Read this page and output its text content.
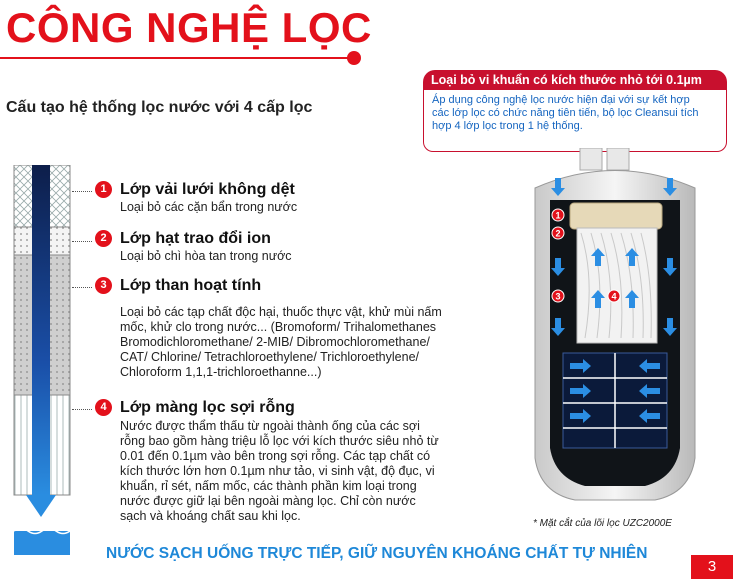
CÔNG NGHỆ LỌC
Cấu tạo hệ thống lọc nước với 4 cấp lọc
Loại bỏ vi khuẩn có kích thước nhỏ tới 0.1µm
Áp dụng công nghệ lọc nước hiện đại với sự kết hợp
các lớp lọc có chức năng tiên tiến, bộ lọc Cleansui tích
hợp 4 lớp lọc trong 1 hệ thống.
1 Lớp vải lưới không dệt
Loại bỏ các cặn bẩn trong nước
2 Lớp hạt trao đổi ion
Loại bỏ chì hòa tan trong nước
3 Lớp than hoạt tính
Loại bỏ các tạp chất độc hại, thuốc thực vật, khử mùi nấm
mốc, khử clo trong nước... (Bromoform/ Trihalomethanes
Bromodichloromethane/ 2-MIB/ Dibromochloromethane/
CAT/ Chlorine/ Tetrachloroethylene/ Trichloroethylene/
Chloroform 1,1,1-trichloroethanne...)
4 Lớp màng lọc sợi rỗng
Nước được thẩm thấu từ ngoài thành ống của các sợi
rỗng bao gồm hàng triệu lỗ lọc với kích thước siêu nhỏ từ
0.01 đến 0.1µm vào bên trong sợi rỗng. Các tạp chất có
kích thước lớn hơn 0.1µm như tảo, vi sinh vật, độ đục, vi
khuẩn, rỉ sét, nấm mốc, các thành phần kim loại trong
nước được giữ lại bên ngoài màng lọc. Chỉ còn nước
sạch và khoáng chất sau khi lọc.
1
2
3	4
* Mặt cắt của lõi lọc UZC2000E
NƯỚC SẠCH UỐNG TRỰC TIẾP, GIỮ NGUYÊN KHOÁNG CHẤT TỰ NHIÊN
3
